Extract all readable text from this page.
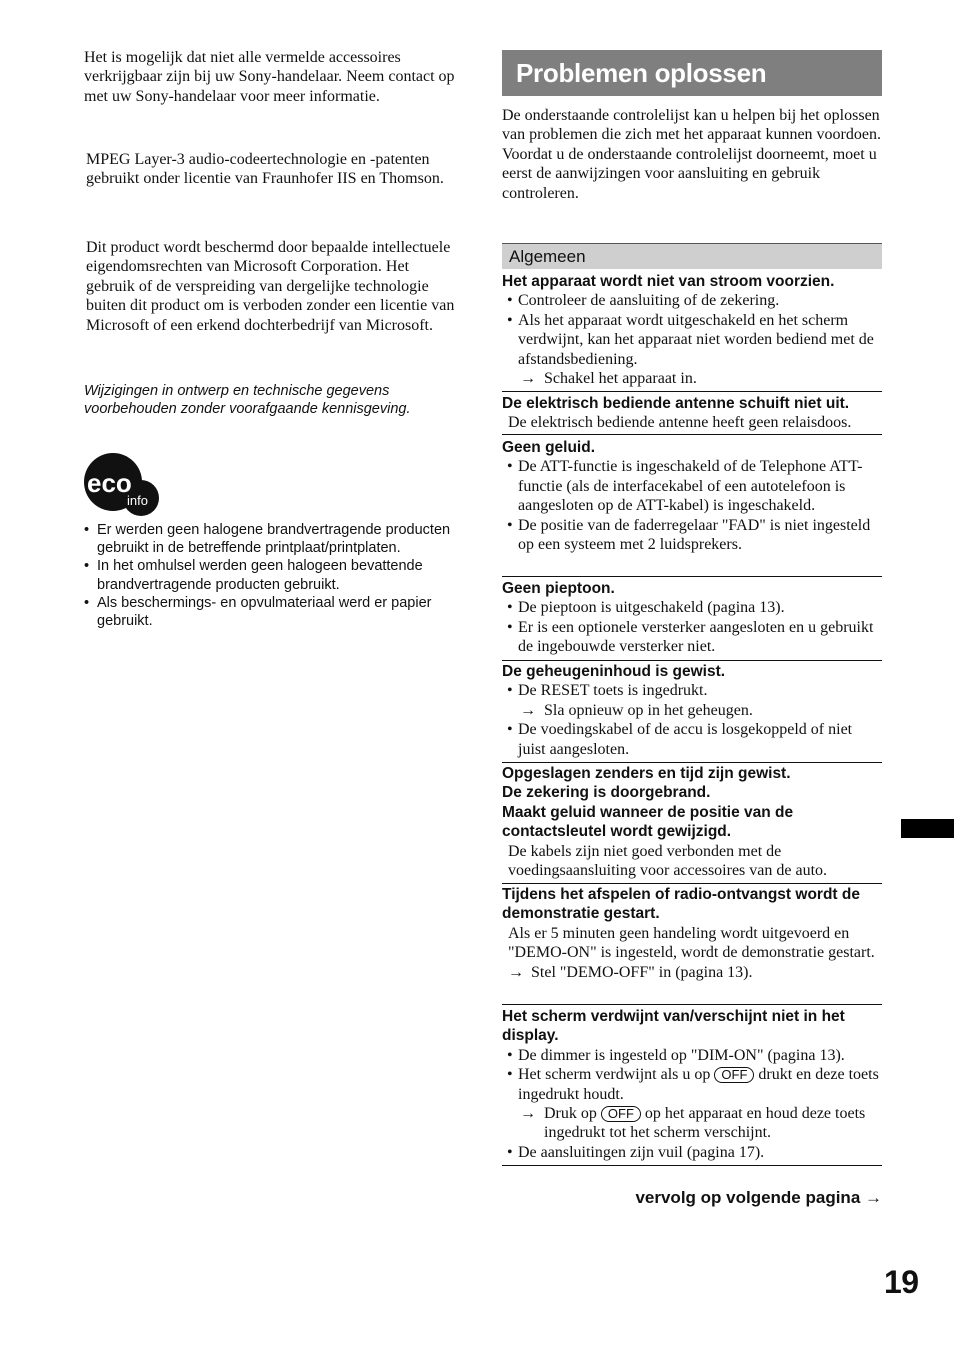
Het is mogelijk dat niet alle vermelde accessoires verkrijgbaar zijn bij uw Sony-handelaar. Neem contact op met uw Sony-handelaar voor meer informatie.

MPEG Layer-3 audio-codeertechnologie en -patenten gebruikt onder licentie van Fraunhofer IIS en Thomson.

Dit product wordt beschermd door bepaalde intellectuele eigendomsrechten van Microsoft Corporation. Het gebruik of de verspreiding van dergelijke technologie buiten dit product om is verboden zonder een licentie van Microsoft of een erkend dochterbedrijf van Microsoft.

Wijzigingen in ontwerp en technische gegevens voorbehouden zonder voorafgaande kennisgeving.

eco
info
• Er werden geen halogene brandvertragende producten gebruikt in de betreffende printplaat/printplaten.
• In het omhulsel werden geen halogeen bevattende brandvertragende producten gebruikt.
• Als beschermings- en opvulmateriaal werd er papier gebruikt.
Problemen oplossen
De onderstaande controlelijst kan u helpen bij het oplossen van problemen die zich met het apparaat kunnen voordoen.
Voordat u de onderstaande controlelijst doorneemt, moet u eerst de aanwijzingen voor aansluiting en gebruik controleren.
Algemeen

Het apparaat wordt niet van stroom voorzien.

• Controleer de aansluiting of de zekering.
• Als het apparaat wordt uitgeschakeld en het scherm verdwijnt, kan het apparaat niet worden bediend met de afstandsbediening.
→ Schakel het apparaat in.

De elektrisch bediende antenne schuift niet uit.

De elektrisch bediende antenne heeft geen relaisdoos.

Geen geluid.

• De ATT-functie is ingeschakeld of de Telephone ATT-functie (als de interfacekabel of een autotelefoon is aangesloten op de ATT-kabel) is ingeschakeld.
• De positie van de faderregelaar "FAD" is niet ingesteld op een systeem met 2 luidsprekers.

Geen pieptoon.

• De pieptoon is uitgeschakeld (pagina 13).
• Er is een optionele versterker aangesloten en u gebruikt de ingebouwde versterker niet.

De geheugeninhoud is gewist.

• De RESET toets is ingedrukt.
→ Sla opnieuw op in het geheugen.
• De voedingskabel of de accu is losgekoppeld of niet juist aangesloten.

Opgeslagen zenders en tijd zijn gewist.

De zekering is doorgebrand.

Maakt geluid wanneer de positie van de contactsleutel wordt gewijzigd.

De kabels zijn niet goed verbonden met de voedingsaansluiting voor accessoires van de auto.

Tijdens het afspelen of radio-ontvangst wordt de demonstratie gestart.

Als er 5 minuten geen handeling wordt uitgevoerd en "DEMO-ON" is ingesteld, wordt de demonstratie gestart.
→ Stel "DEMO-OFF" in (pagina 13).

Het scherm verdwijnt van/verschijnt niet in het display.

• De dimmer is ingesteld op "DIM-ON" (pagina 13).
• Het scherm verdwijnt als u op OFF drukt en deze toets ingedrukt houdt.
→ Druk op OFF op het apparaat en houd deze toets ingedrukt tot het scherm verschijnt.
• De aansluitingen zijn vuil (pagina 17).
vervolg op volgende pagina →
19
